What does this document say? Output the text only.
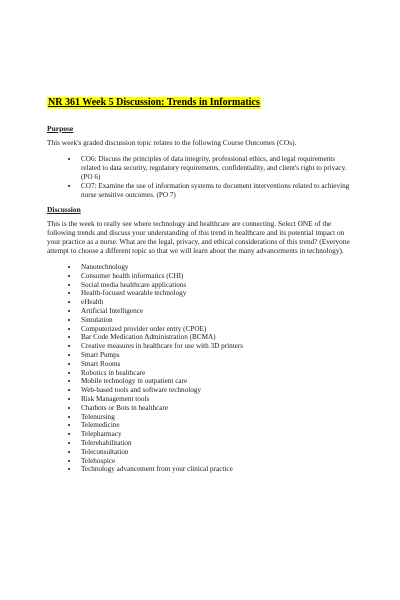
NR 361 Week 5 Discussion: Trends in Informatics
Purpose

This week's graded discussion topic relates to the following Course Outcomes (COs).

• CO6: Discuss the principles of data integrity, professional ethics, and legal requirements related to data security, regulatory requirements, confidentiality, and client's right to privacy. (PO 6)
• CO7: Examine the use of information systems to document interventions related to achieving nurse sensitive outcomes. (PO 7)
Discussion

This is the week to really see where technology and healthcare are connecting. Select ONE of the following trends and discuss your understanding of this trend in healthcare and its potential impact on your practice as a nurse. What are the legal, privacy, and ethical considerations of this trend? (Everyone attempt to choose a different topic so that we will learn about the many advancements in technology).

• Nanotechnology
• Consumer health informatics (CHI)
• Social media healthcare applications
• Health-focused wearable technology
• eHealth
• Artificial Intelligence
• Simulation
• Computerized provider order entry (CPOE)
• Bar Code Medication Administration (BCMA)
• Creative measures in healthcare for use with 3D printers
• Smart Pumps
• Smart Rooms
• Robotics in healthcare
• Mobile technology in outpatient care
• Web-based tools and software technology
• Risk Management tools
• Chatbots or Bots in healthcare
• Telenursing
• Telemedicine
• Telepharmacy
• Telerehabilitation
• Teleconsultation
• Telehospice
• Technology advancement from your clinical practice
